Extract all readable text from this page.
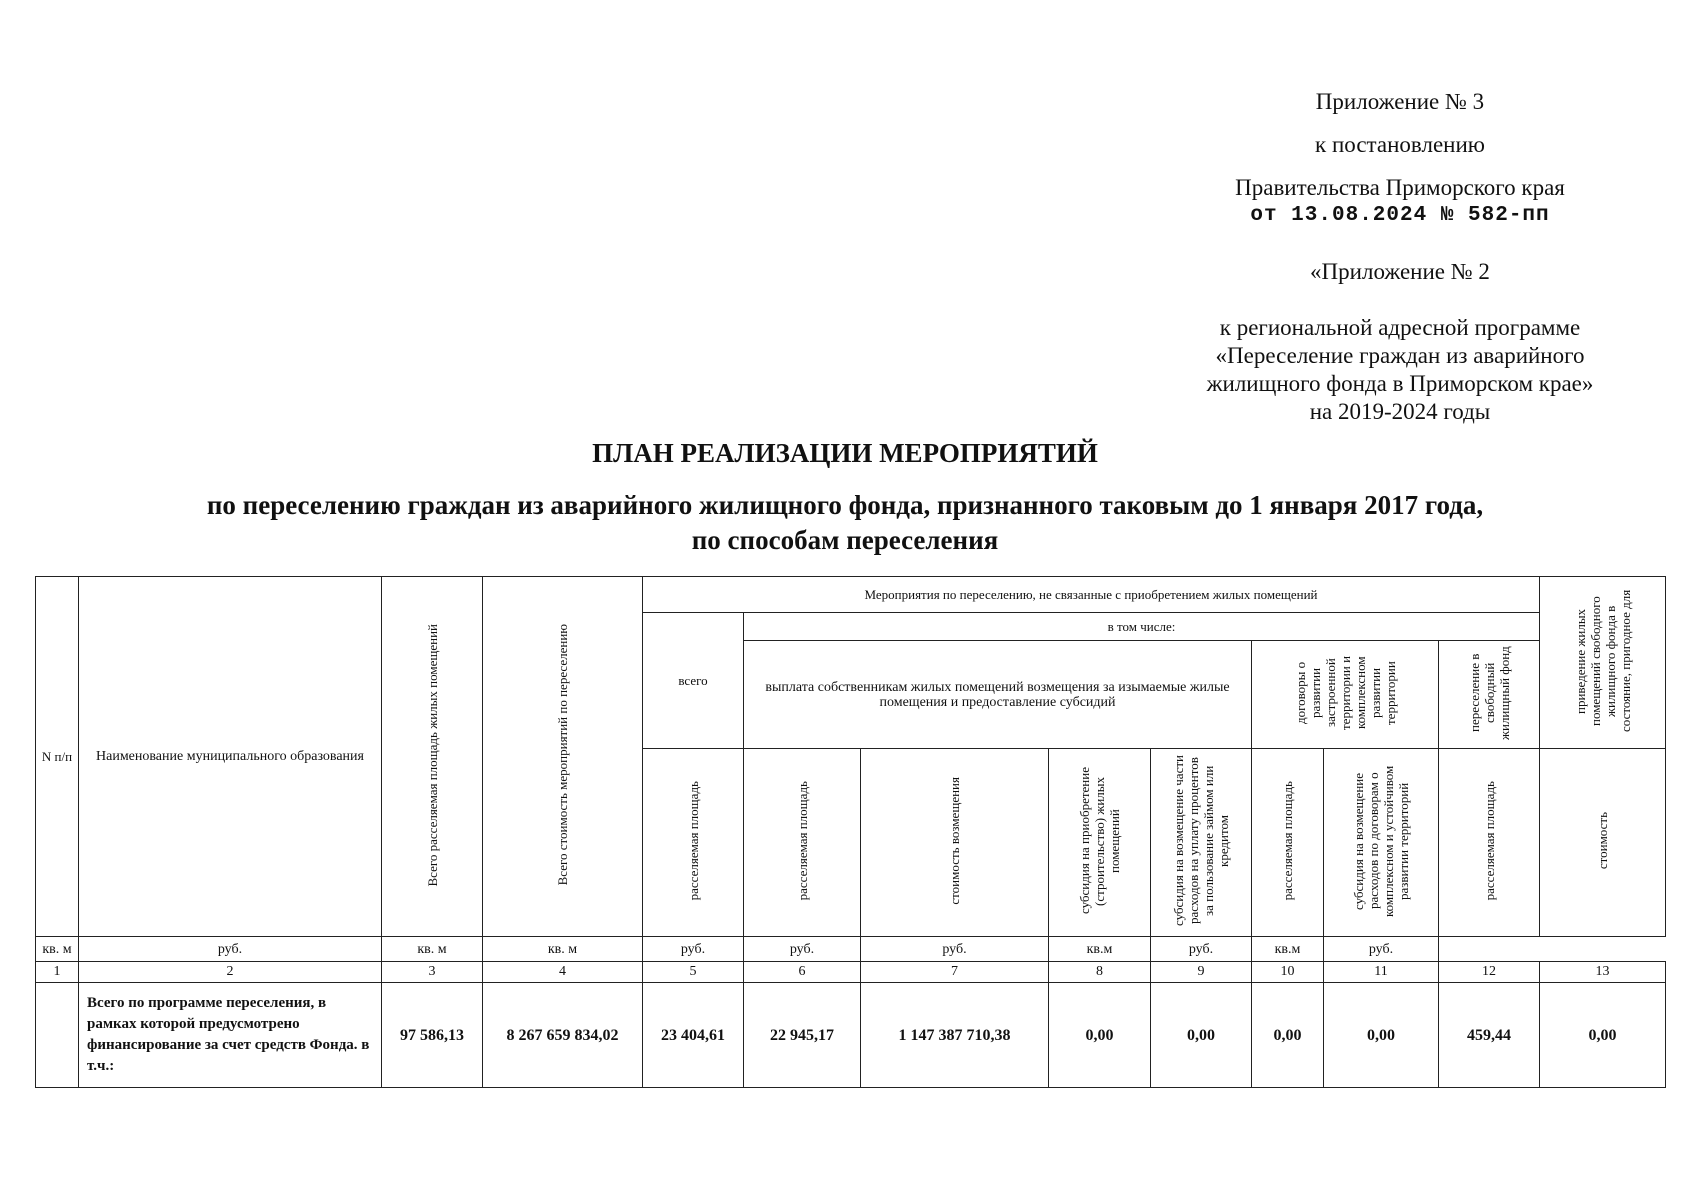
Приложение № 3
к постановлению
Правительства Приморского края
от 13.08.2024 № 582-пп
«Приложение № 2
к региональной адресной программе
«Переселение граждан из аварийного
жилищного фонда в Приморском крае»
на 2019-2024 годы
ПЛАН РЕАЛИЗАЦИИ МЕРОПРИЯТИЙ
по переселению граждан из аварийного жилищного фонда, признанного таковым до 1 января 2017 года,
по способам переселения
N п/п	Наименование муниципального образования	Всего расселяемая площадь жилых помещений	Всего стоимость мероприятий по переселению	Мероприятия по переселению, не связанные с приобретением жилых помещений								приведение жилых помещений свободного жилищного фонда в состояние, пригодное для
				всего	в том числе:							
					выплата собственникам жилых помещений возмещения за изымаемые жилые помещения и предоставление субсидий				договоры о развитии застроенной территории и комплексном развитии территории		переселение в свободный жилищный фонд	
				расселяемая площадь	расселяемая площадь	стоимость возмещения	субсидия на приобретение (строительство) жилых помещений	субсидия на возмещение части расходов на уплату процентов за пользование займом или кредитом	расселяемая площадь	субсидия на возмещение расходов по договорам о комплексном и устойчивом развитии территорий	расселяемая площадь	стоимость
кв. м	руб.	кв. м	кв. м	руб.	руб.	руб.	кв.м	руб.	кв.м	руб.		
1	2	3	4	5	6	7	8	9	10	11	12	13
	Всего по программе переселения, в рамках которой предусмотрено финансирование за счет средств Фонда. в т.ч.:	97 586,13	8 267 659 834,02	23 404,61	22 945,17	1 147 387 710,38	0,00	0,00	0,00	0,00	459,44	0,00
